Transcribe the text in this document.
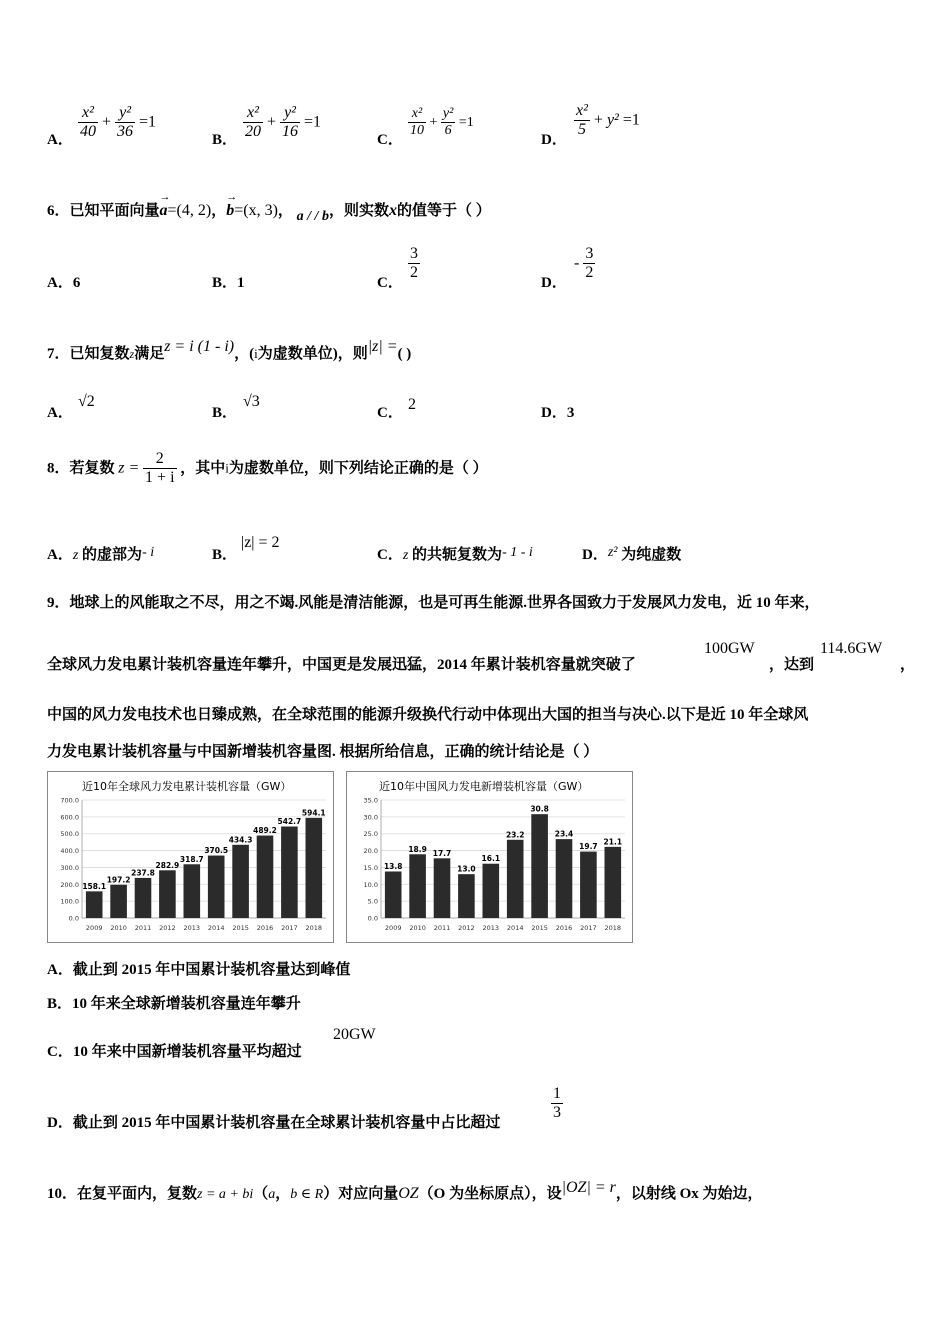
A． $\frac{\text{x²}}{40} + \frac{\text{y²}}{36} =1$
B． $\frac{\text{x²}}{20} + \frac{\text{y²}}{16} =1$
C．
$\frac{\text{x²}}{10} + \frac{\text{y²}}{6} =1$
D．
$\frac{\text{x²}}{5} + y^2 =1$
6．已知平面向量
→
a=(4, 2)，
→
b=(x, 3)， a / / b，则实数x的值等于（ ）
A．6	B．1	C．
$\frac{3}{2}$
D．
- $\frac{3}{2}$
7．已知复数z满足z = i (1 - i)，(i为虚数单位)，则|z| =( )
A．
√2
B．
√3
C． 2	D．3
8．若复数 $z = \frac{2}{1 + i}$ ，其中i为虚数单位，则下列结论正确的是（ ）
A．z 的虚部为- i	B．
|z| = 2
C．z 的共轭复数为- 1 - i	D．z² 为纯虚数
9．地球上的风能取之不尽，用之不竭.风能是清洁能源，也是可再生能源.世界各国致力于发展风力发电，近 10 年来，
全球风力发电累计装机容量连年攀升，中国更是发展迅猛，2014 年累计装机容量就突破了
100GW
，达到
114.6GW
，
中国的风力发电技术也日臻成熟，在全球范围的能源升级换代行动中体现出大国的担当与决心.以下是近 10 年全球风
力发电累计装机容量与中国新增装机容量图. 根据所给信息，正确的统计结论是（ ）
近10年全球风力发电累计装机容量（GW）
0.0
100.0
200.0
300.0
400.0
500.0
600.0
700.0
158.1
2009
197.2
2010
237.8
2011
282.9
2012
318.7
2013
370.5
2014
434.3
2015
489.2
2016
542.7
2017
594.1
2018
近10年中国风力发电新增装机容量（GW）
0.0
5.0
10.0
15.0
20.0
25.0
30.0
35.0
13.8
2009
18.9
2010
17.7
2011
13.0
2012
16.1
2013
23.2
2014
30.8
2015
23.4
2016
19.7
2017
21.1
2018
A．截止到 2015 年中国累计装机容量达到峰值
B．10 年来全球新增装机容量连年攀升
C．10 年来中国新增装机容量平均超过
20GW
D．截止到 2015 年中国累计装机容量在全球累计装机容量中占比超过
$\frac{1}{3}$
10．在复平面内，复数z = a + bi（a，b ∈ R）对应向量OZ（O 为坐标原点），设|OZ| = r，以射线 Ox 为始边，
